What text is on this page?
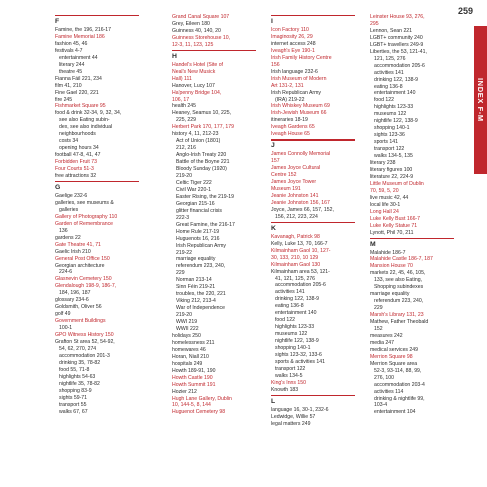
259
INDEX F-M
F
Famine, the 196, 216-17
Famine Memorial 186
fashion 45, 46
festivals 4-7
entertainment 44
literary 244
theatre 45
Fianna Fáil 221, 234
film 41, 210
Fine Gael 220, 221
fire 245
Fishmarket Square 95
food & drink 32-34, 9, 32, 34,
see also Eating subin-
dex, see also individual
neighbourhoods
costs 34
opening hours 34
football 47-8, 41, 47
Forbidden Fruit 73
Four Courts 51-3
free attractions 32
G
Gaelige 232-6
galleries, see museums &
galleries
Gallery of Photography 110
Garden of Remembrance
136
gardens 22
Gate Theatre 41, 71
Gaelic Irish 210
General Post Office 150
Georgian architecture
224-6
Glasnevin Cemetery 150
Glendalough 198-9, 186-7,
184, 196, 187
glossary 234-6
Goldsmith, Oliver 56
golf 49
Government Buildings
100-1
GPO Witness History 150
Grafton St area 52, 54-92,
54, 62, 270, 274
accommodation 201-3
drinking 35, 78-82
food 55, 71-8
highlights 54-63
nightlife 35, 78-82
shopping 83-9
sights 59-71
transport 55
walks 67, 67
Grand Canal Square 107
Grey, Eileen 180
Guinness 40, 140, 20
Guinness Storehouse 10,
12-3, 11, 123, 125
H
Handel's Hotel (Site of
Neal's New Musick
Hall) 111
Hanover, Lucy 107
Ha'penny Bridge 104,
106, 17
health 245
Heaney, Seamus 10, 225,
225, 229
Herbert Park 170, 177, 179
history 4, 11, 212-23
Act of Union (1801)
212, 216
Anglo-Irish Treaty 220
Battle of the Boyne 221
Bloody Sunday (1920)
219-20
Celtic Tiger 222
Civil War 220-1
Easter Rising, the 219-19
Georgian 215-16
glitter financial crisis
222-3
Great Famine, the 216-17
Home Rule 217-19
Huguenots 16, 216
Irish Republican Army
219-22
marriage equality
referendum 223, 240,
229
Norman 213-14
Sinn Féin 219-21
troubles, the 220, 221
Viking 212, 213-4
War of Independence
219-20
WWI 219
WWII 222
holidays 250
homelessness 211
homewares 46
Horan, Niall 210
hospitals 249
Howth 189-91, 190
Howth Castle 190
Howth Summit 191
Hozier 212
Hugh Lane Gallery, Dublin
10, 144-5, 8, 144
Huguenot Cemetery 98
I
Icon Factory 110
Imaginosity 26, 29
internet access 248
Iveagh's Eye 190-1
Irish Family History Centre
156
Irish language 232-6
Irish Museum of Modern
Art 131-2, 131
Irish Republican Army
(IRA) 219-22
Irish Whiskey Museum 69
Irish-Jewish Museum 66
itineraries 18-19
Iveagh Gardens 65
Iveagh House 65
J
James Connolly Memorial
157
James Joyce Cultural
Centre 152
James Joyce Tower
Museum 191
Jeanie Johnston 141
Jeanie Johnston 156, 167
Joyce, James 66, 157, 152,
156, 212, 223, 224
K
Kavanagh, Patrick 98
Kelly, Luke 13, 70, 166-7
Kilmainham Gaol 10, 127-
30, 133, 210, 10 129
Kilmainham Gaol 130
Kilmainham area 53, 121-
41, 121, 125, 276
accommodation 205-6
activities 141
drinking 122, 138-9
eating 136-8
entertainment 140
food 122
highlights 123-33
museums 122
nightlife 122, 138-9
shopping 140-1
sights 123-32, 133-6
sports & activities 141
transport 122
walks 134-5
King's Inns 150
Knowth 183
L
language 16, 30-1, 232-6
Ledwidge, Willie 57
legal matters 249
Leinster House 93, 276,
295
Lennon, Sean 221
LGBT+ community 240
LGBT+ travellers 249-9
Liberties, the 53, 121-41,
121, 125, 276
accommodation 205-6
activities 141
drinking 122, 138-9
eating 136-8
entertainment 140
food 122
highlights 123-33
museums 122
nightlife 122, 138-9
shopping 140-1
sights 123-36
sports 141
transport 122
walks 134-5, 135
literary 238
literary figures 100
literature 22, 224-9
Little Museum of Dublin
70, 59, 5, 20
live music 42, 44
local life 30-1
Long Hall 24
Luke Kelly Bust 166-7
Luke Kelly Statue 71
Lynott, Phil 70, 211
M
Malahide 186-7
Malahide Castle 186-7, 187
Mansion House 70
markets 22, 45, 46, 105,
133, see also Eating,
Shopping subindexes
marriage equality
referendum 223, 240,
229
Marsh's Library 131, 23
Mathew, Father Theobald
152
measures 242
media 247
medical services 249
Merrion Square 98
Merrion Square area
52-3, 93-114, 88, 99,
276, 100
accommodation 203-4
activities 114
drinking & nightlife 99,
103-4
entertainment 104
